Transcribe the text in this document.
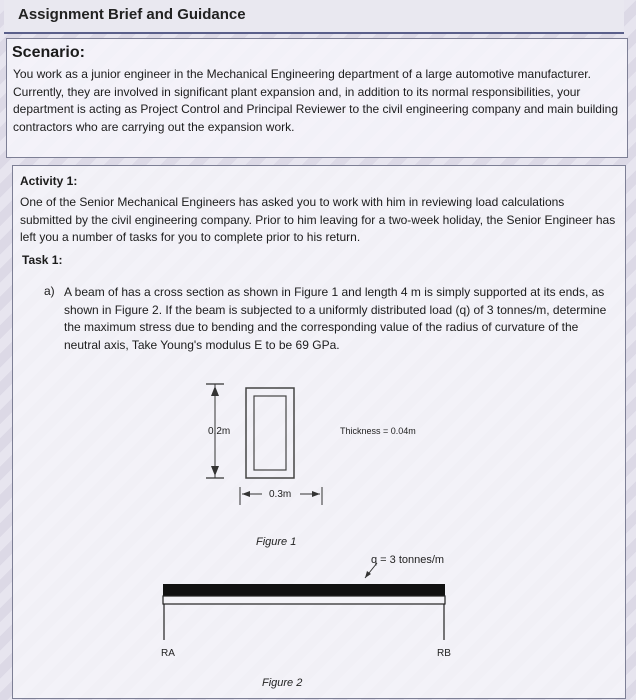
Assignment Brief and Guidance
Scenario:
You work as a junior engineer in the Mechanical Engineering department of a large automotive manufacturer. Currently, they are involved in significant plant expansion and, in addition to its normal responsibilities, your department is acting as Project Control and Principal Reviewer to the civil engineering company and main building contractors who are carrying out the expansion work.
Activity 1:
One of the Senior Mechanical Engineers has asked you to work with him in reviewing load calculations submitted by the civil engineering company. Prior to him leaving for a two-week holiday, the Senior Engineer has left you a number of tasks for you to complete prior to his return.
Task 1:
a) A beam of has a cross section as shown in Figure 1 and length 4 m is simply supported at its ends, as shown in Figure 2. If the beam is subjected to a uniformly distributed load (q) of 3 tonnes/m, determine the maximum stress due to bending and the corresponding value of the radius of curvature of the neutral axis, Take Young's modulus E to be 69 GPa.
0.2m
0.3m
Thickness = 0.04m
Figure 1
q = 3 tonnes/m
RA	RB
Figure 2
